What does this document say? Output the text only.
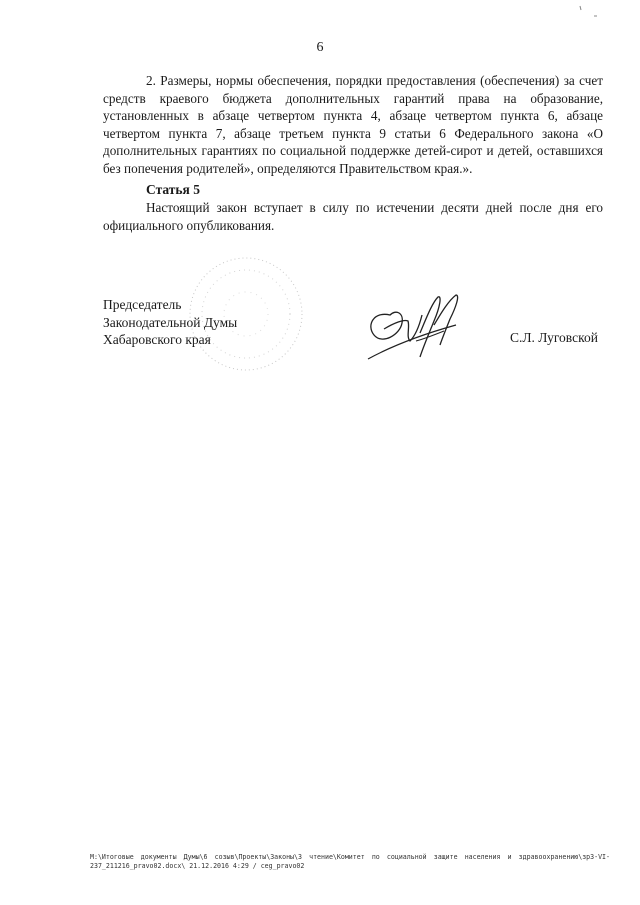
6

2. Размеры, нормы обеспечения, порядки предоставления (обеспечения) за счет средств краевого бюджета дополнительных гарантий права на образование, установленных в абзаце четвертом пункта 4, абзаце четвертом пункта 6, абзаце четвертом пункта 7, абзаце третьем пункта 9 статьи 6 Федерального закона «О дополнительных гарантиях по социальной поддержке детей-сирот и детей, оставшихся без попечения родителей», определяются Правительством края.».

Статья 5

Настоящий закон вступает в силу по истечении десяти дней после дня его официального опубликования.

Председатель
Законодательной Думы
Хабаровского края	С.Л. Луговской
M:\Итоговые документы Думы\6 созыв\Проекты\Законы\3 чтение\Комитет по социальной защите населения и здравоохранению\зр3-VI-237_211216_pravo02.docx\ 21.12.2016 4:29 / ceg_pravo02
